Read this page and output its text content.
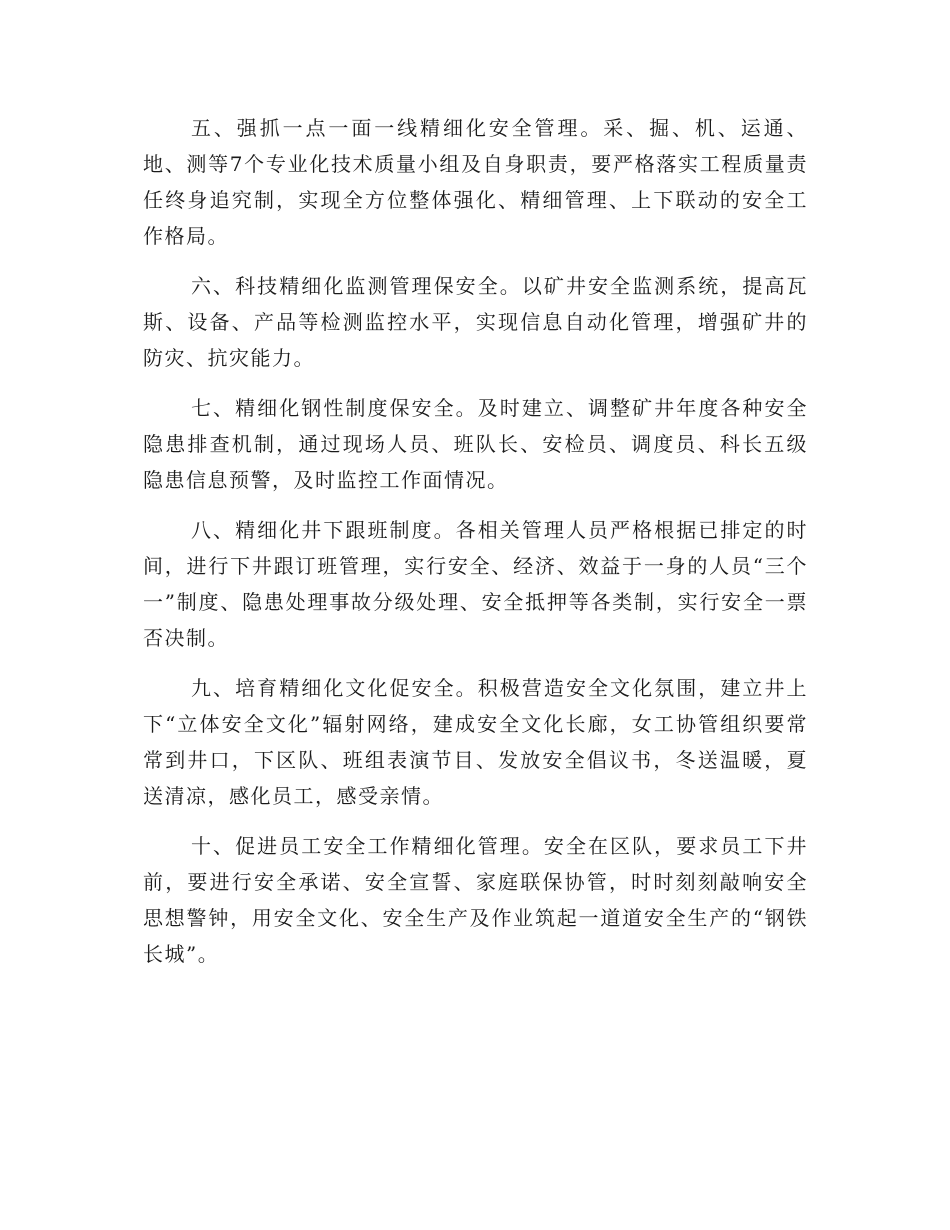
五、强抓一点一面一线精细化安全管理。采、掘、机、运通、地、测等7个专业化技术质量小组及自身职责，要严格落实工程质量责任终身追究制，实现全方位整体强化、精细管理、上下联动的安全工作格局。

六、科技精细化监测管理保安全。以矿井安全监测系统，提高瓦斯、设备、产品等检测监控水平，实现信息自动化管理，增强矿井的防灾、抗灾能力。

七、精细化钢性制度保安全。及时建立、调整矿井年度各种安全隐患排查机制，通过现场人员、班队长、安检员、调度员、科长五级隐患信息预警，及时监控工作面情况。

八、精细化井下跟班制度。各相关管理人员严格根据已排定的时间，进行下井跟订班管理，实行安全、经济、效益于一身的人员“三个一”制度、隐患处理事故分级处理、安全抵押等各类制，实行安全一票否决制。

九、培育精细化文化促安全。积极营造安全文化氛围，建立井上下“立体安全文化”辐射网络，建成安全文化长廊，女工协管组织要常常到井口，下区队、班组表演节目、发放安全倡议书，冬送温暖，夏送清凉，感化员工，感受亲情。

十、促进员工安全工作精细化管理。安全在区队，要求员工下井前，要进行安全承诺、安全宣誓、家庭联保协管，时时刻刻敲响安全思想警钟，用安全文化、安全生产及作业筑起一道道安全生产的“钢铁长城”。
